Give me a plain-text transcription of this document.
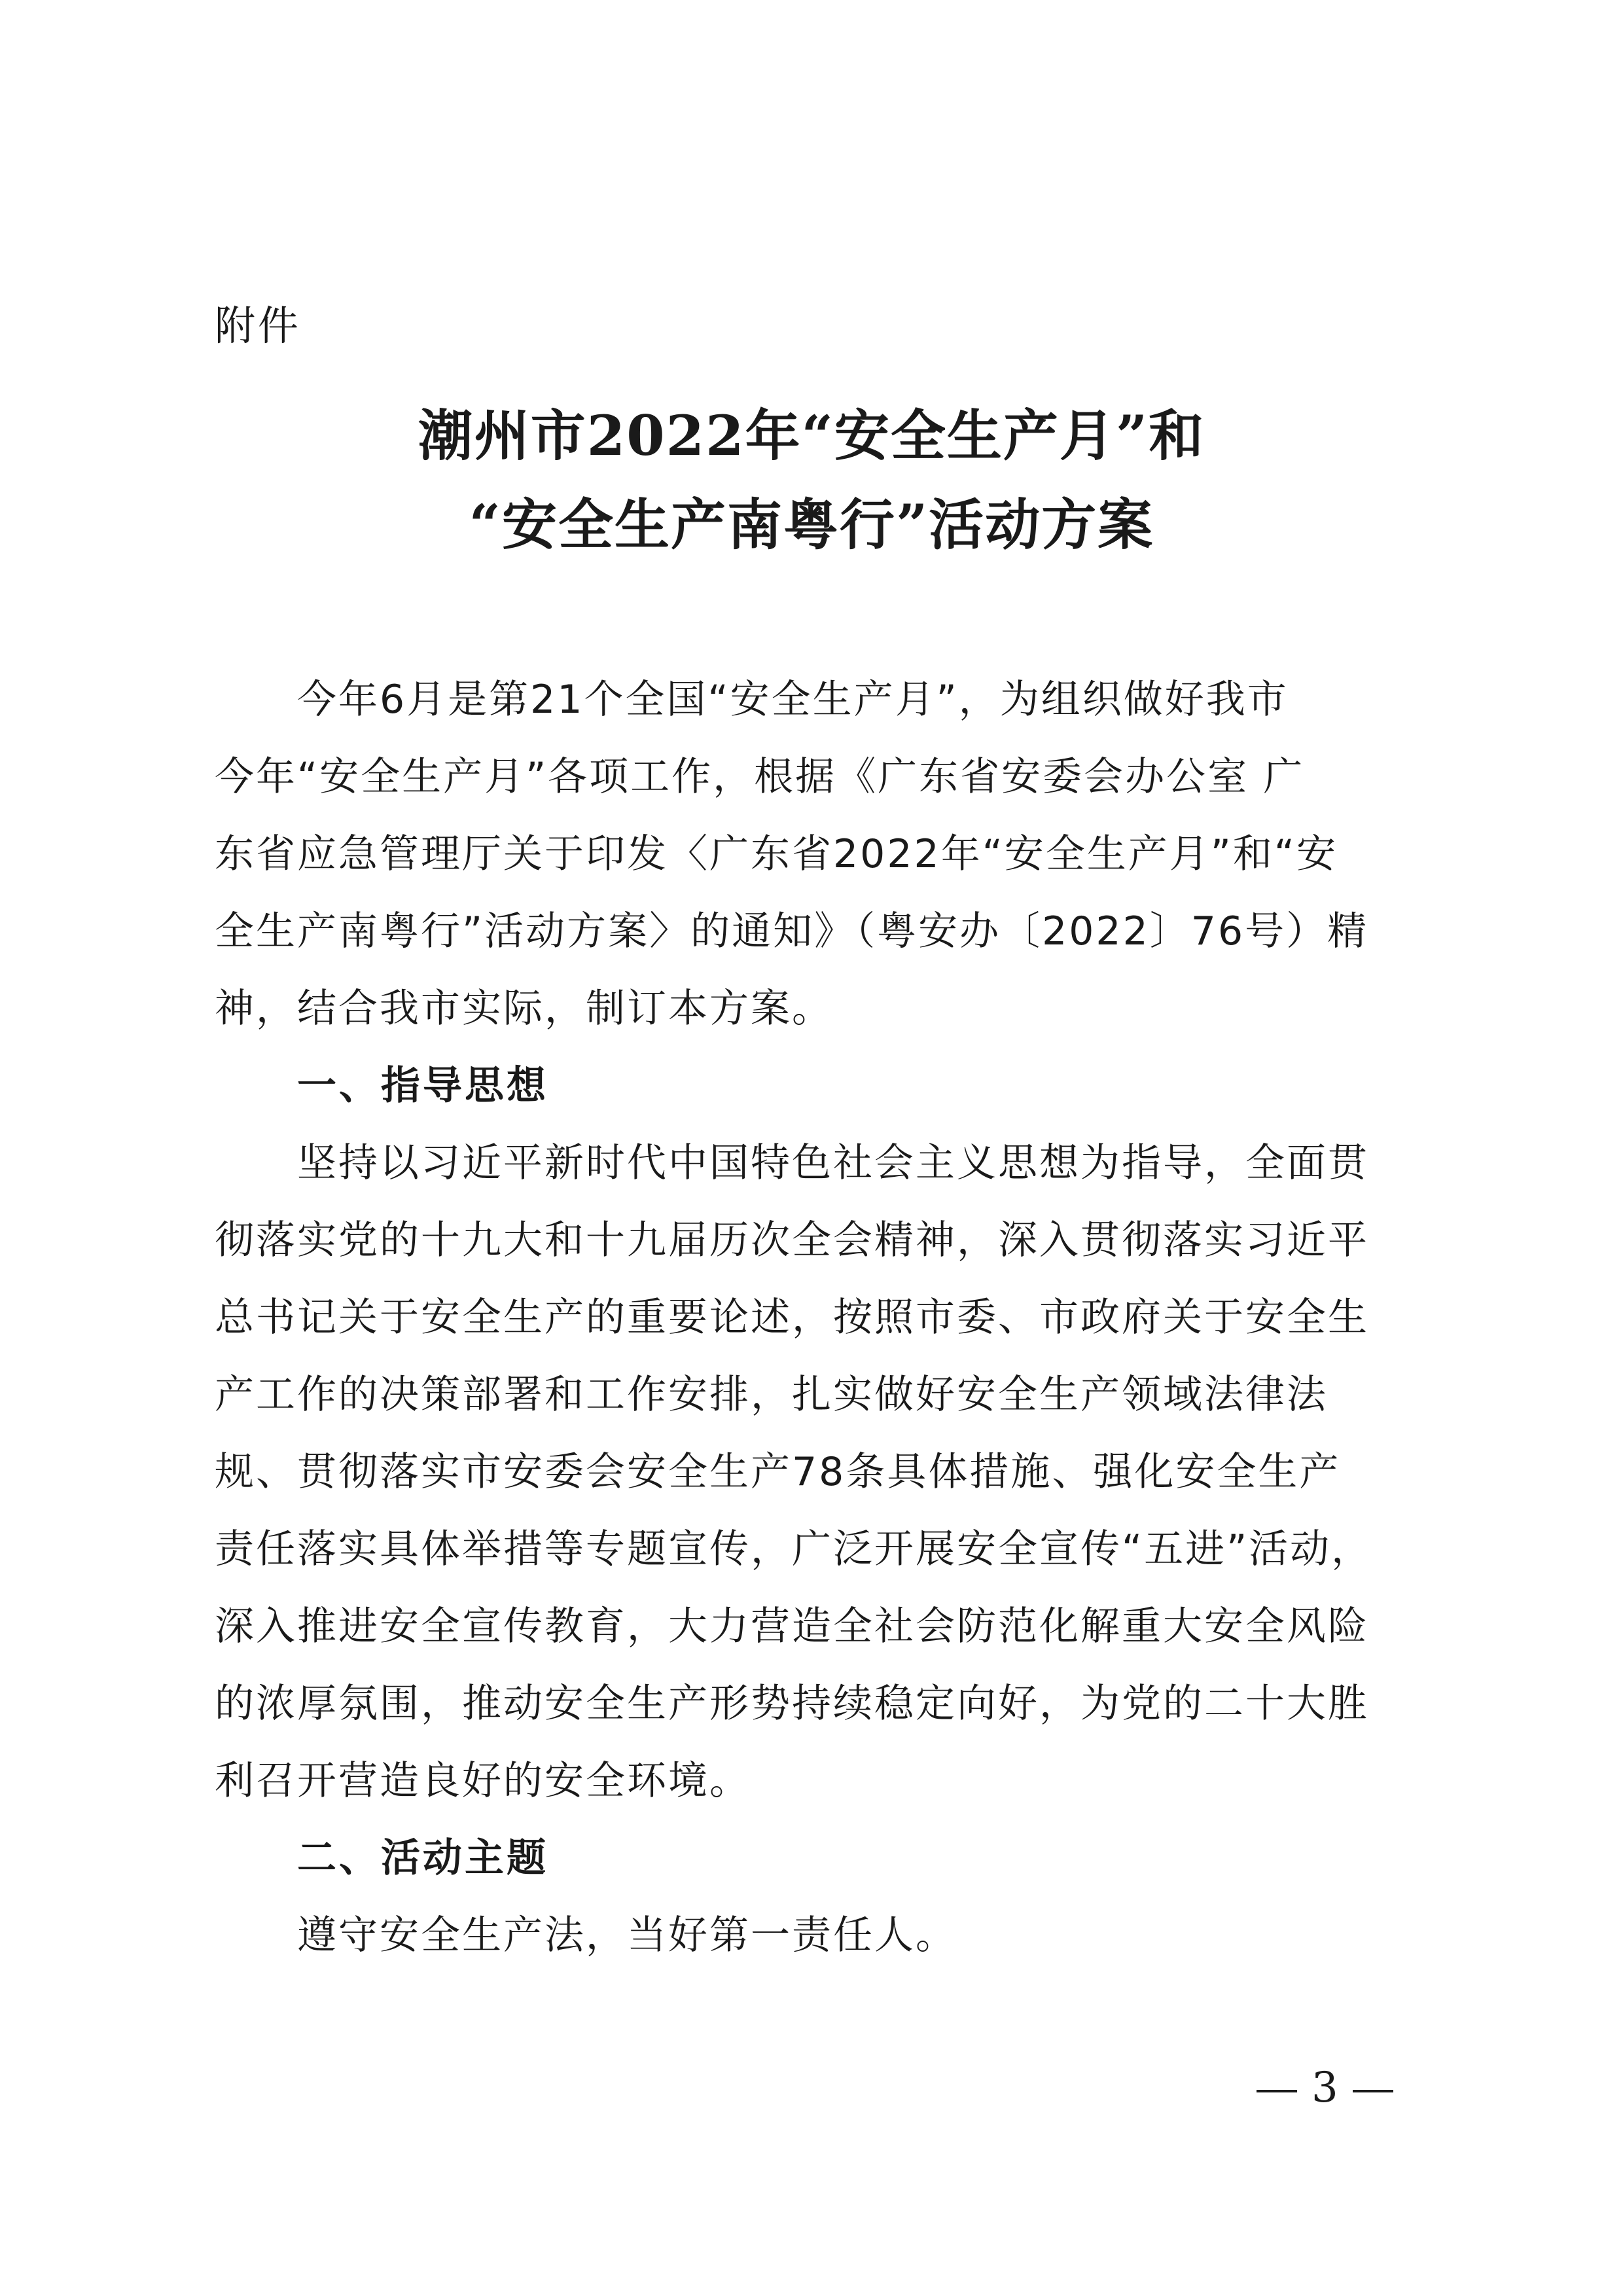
附件
潮州市2022年“安全生产月”和
“安全生产南粤行”活动方案
今年6月是第21个全国“安全生产月”，为组织做好我市
今年“安全生产月”各项工作，根据《广东省安委会办公室 广
东省应急管理厅关于印发〈广东省2022年“安全生产月”和“安
全生产南粤行”活动方案〉的通知》（粤安办〔2022〕76号）精
神，结合我市实际，制订本方案。
一、指导思想
坚持以习近平新时代中国特色社会主义思想为指导，全面贯
彻落实党的十九大和十九届历次全会精神，深入贯彻落实习近平
总书记关于安全生产的重要论述，按照市委、市政府关于安全生
产工作的决策部署和工作安排，扎实做好安全生产领域法律法
规、贯彻落实市安委会安全生产78条具体措施、强化安全生产
责任落实具体举措等专题宣传，广泛开展安全宣传“五进”活动，
深入推进安全宣传教育，大力营造全社会防范化解重大安全风险
的浓厚氛围，推动安全生产形势持续稳定向好，为党的二十大胜
利召开营造良好的安全环境。
二、活动主题
遵守安全生产法，当好第一责任人。
3
